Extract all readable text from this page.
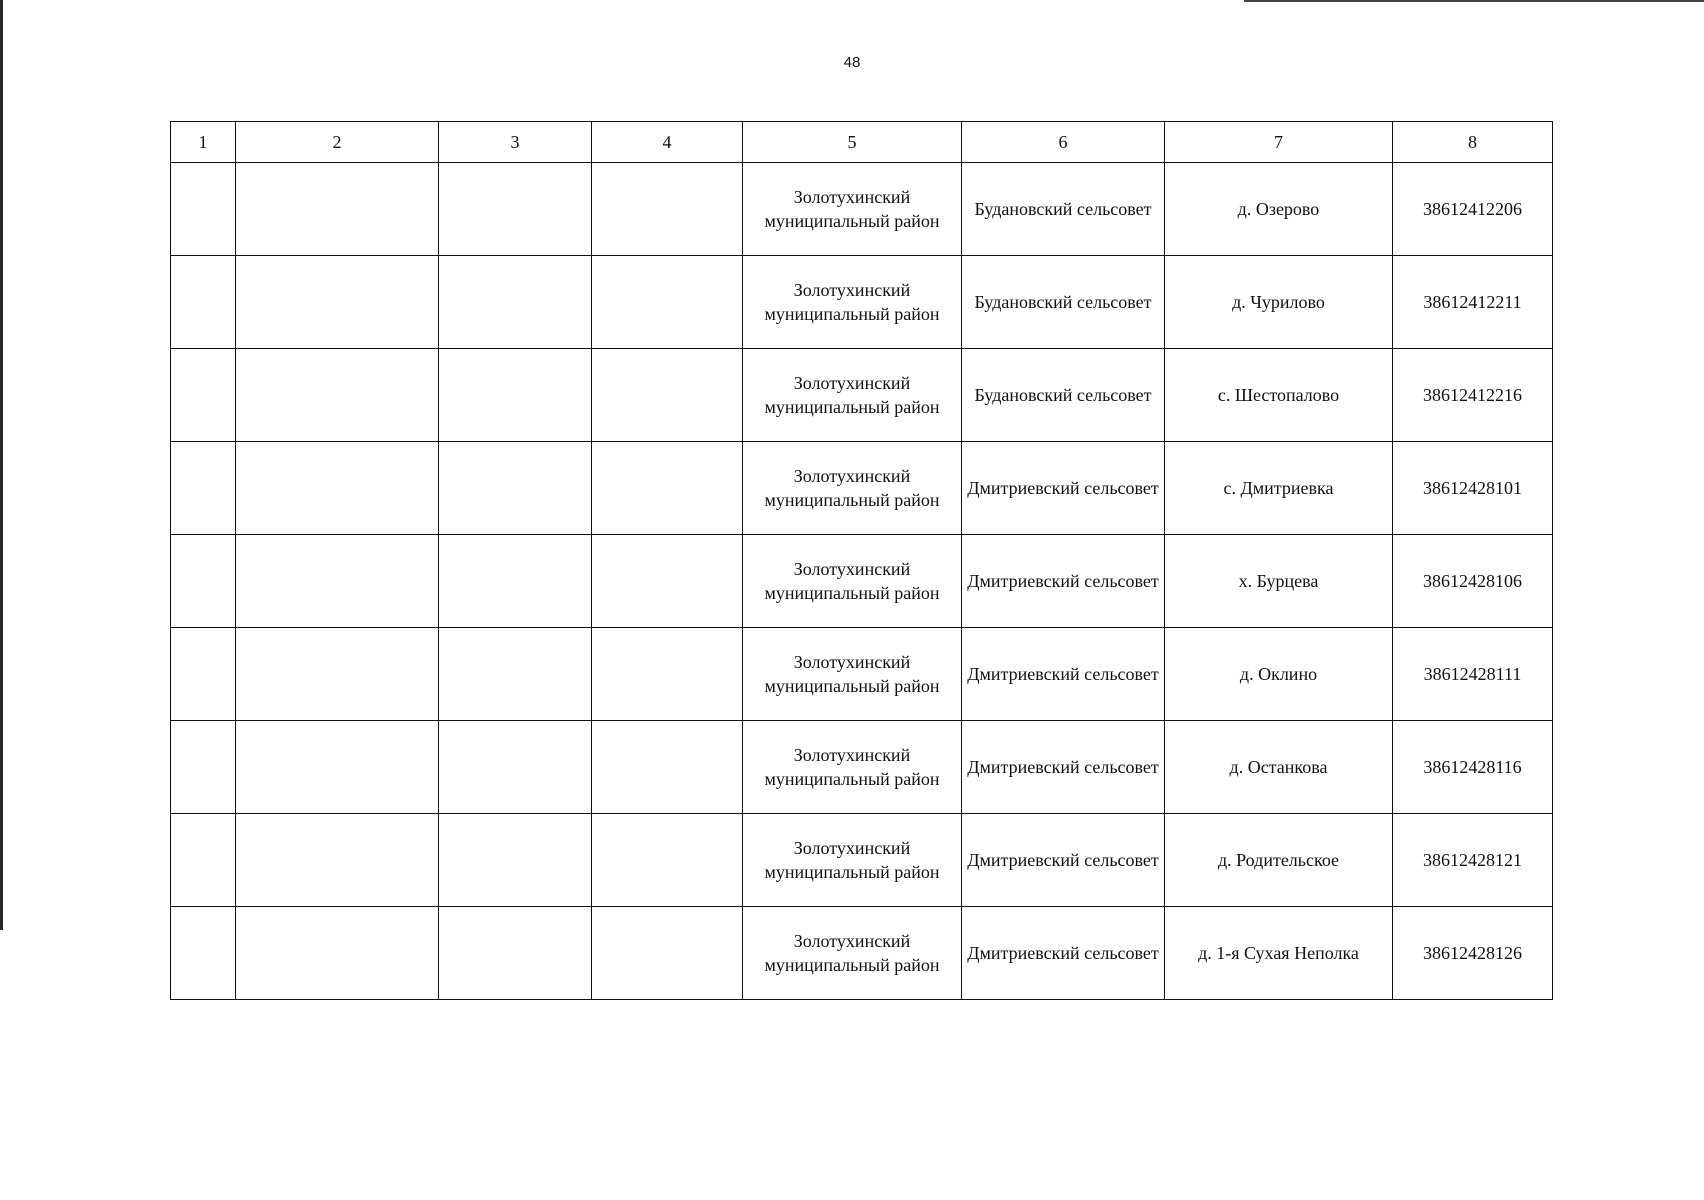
48
1	2	3	4	5	6	7	8

				Золотухинский муниципальный район	Будановский сельсовет	д. Озерово	38612412206

				Золотухинский муниципальный район	Будановский сельсовет	д. Чурилово	38612412211

				Золотухинский муниципальный район	Будановский сельсовет	с. Шестопалово	38612412216

				Золотухинский муниципальный район	Дмитриевский сельсовет	с. Дмитриевка	38612428101

				Золотухинский муниципальный район	Дмитриевский сельсовет	х. Бурцева	38612428106

				Золотухинский муниципальный район	Дмитриевский сельсовет	д. Оклино	38612428111

				Золотухинский муниципальный район	Дмитриевский сельсовет	д. Останкова	38612428116

				Золотухинский муниципальный район	Дмитриевский сельсовет	д. Родительское	38612428121

				Золотухинский муниципальный район	Дмитриевский сельсовет	д. 1-я Сухая Неполка	38612428126
